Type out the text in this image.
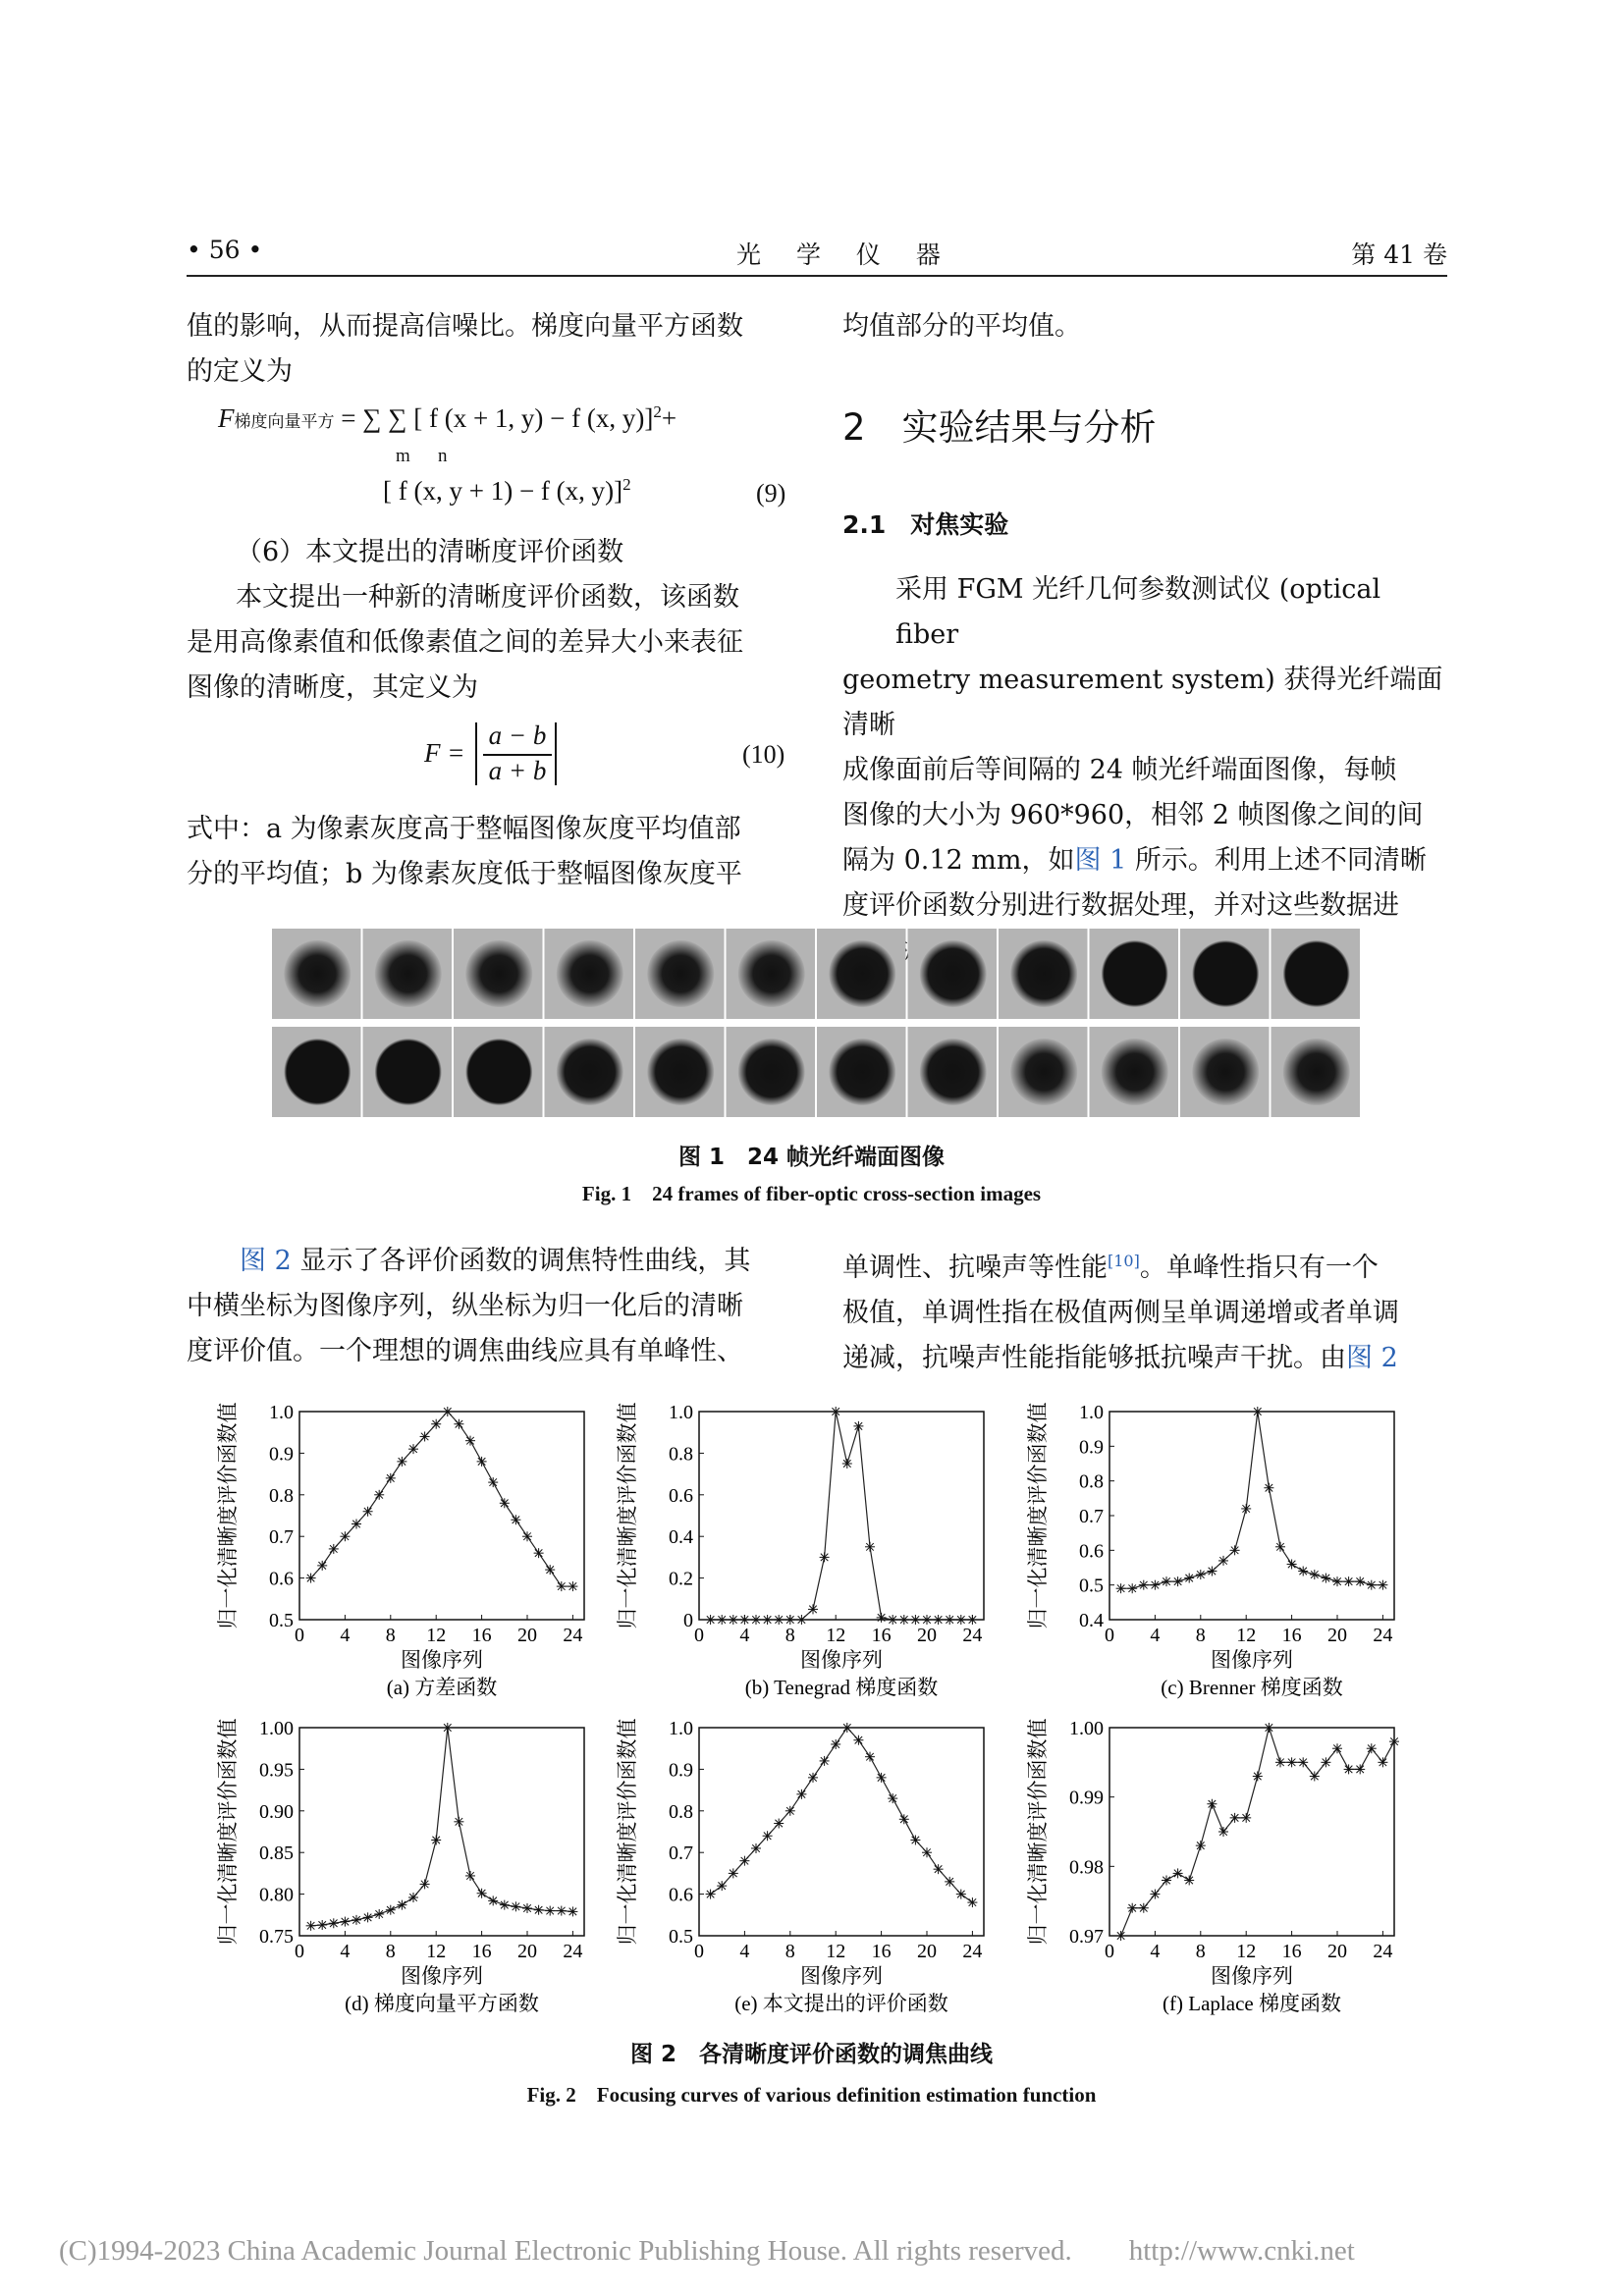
• 56 •	光 学 仪 器	第 41 卷

值的影响，从而提高信噪比。梯度向量平方函数

的定义为

F梯度向量平方 = ∑ ∑ [ f (x + 1, y) − f (x, y)]$^2$+
m n
[ f (x, y + 1) − f (x, y)]$^2$	(9)

（6）本文提出的清晰度评价函数

本文提出一种新的清晰度评价函数，该函数

是用高像素值和低像素值之间的差异大小来表征

图像的清晰度，其定义为

F =
a − b
a + b
(10)

式中：a 为像素灰度高于整幅图像灰度平均值部

分的平均值；b 为像素灰度低于整幅图像灰度平

均值部分的平均值。

2　实验结果与分析
2.1　对焦实验

采用 FGM 光纤几何参数测试仪 (optical fiber

geometry measurement system) 获得光纤端面清晰

成像面前后等间隔的 24 帧光纤端面图像，每帧

图像的大小为 960*960，相邻 2 帧图像之间的间

隔为 0.12 mm，如图 1 所示。利用上述不同清晰

度评价函数分别进行数据处理，并对这些数据进

图 1　24 帧光纤端面图像
Fig. 1　24 frames of fiber-optic cross-section images

图 2 显示了各评价函数的调焦特性曲线，其

中横坐标为图像序列，纵坐标为归一化后的清晰

度评价值。一个理想的调焦曲线应具有单峰性、

单调性、抗噪声等性能[10]。单峰性指只有一个

极值，单调性指在极值两侧呈单调递增或者单调

递减，抗噪声性能指能够抵抗噪声干扰。由图 2

0 4 8 12 16 20 24
0.5
0.6
0.7
0.8
0.9
1.0
图像序列
(a) 方差函数
归一化清晰度评价函数值
0 4 8 12 16 20 24
0
0.2
0.4
0.6
0.8
1.0
图像序列
(b) Tenegrad 梯度函数
归一化清晰度评价函数值
0 4 8 12 16 20 24
0.4
0.5
0.6
0.7
0.8
0.9
1.0
图像序列
(c) Brenner 梯度函数
归一化清晰度评价函数值
0 4 8 12 16 20 24
0.75
0.80
0.85
0.90
0.95
1.00
图像序列
(d) 梯度向量平方函数
归一化清晰度评价函数值
0 4 8 12 16 20 24
0.5
0.6
0.7
0.8
0.9
1.0
图像序列
(e) 本文提出的评价函数
归一化清晰度评价函数值
0 4 8 12 16 20 24
0.97
0.98
0.99
1.00
图像序列
(f) Laplace 梯度函数
归一化清晰度评价函数值
图 2　各清晰度评价函数的调焦曲线
Fig. 2　Focusing curves of various definition estimation function
(C)1994-2023 China Academic Journal Electronic Publishing House. All rights reserved.　　http://www.cnki.net
